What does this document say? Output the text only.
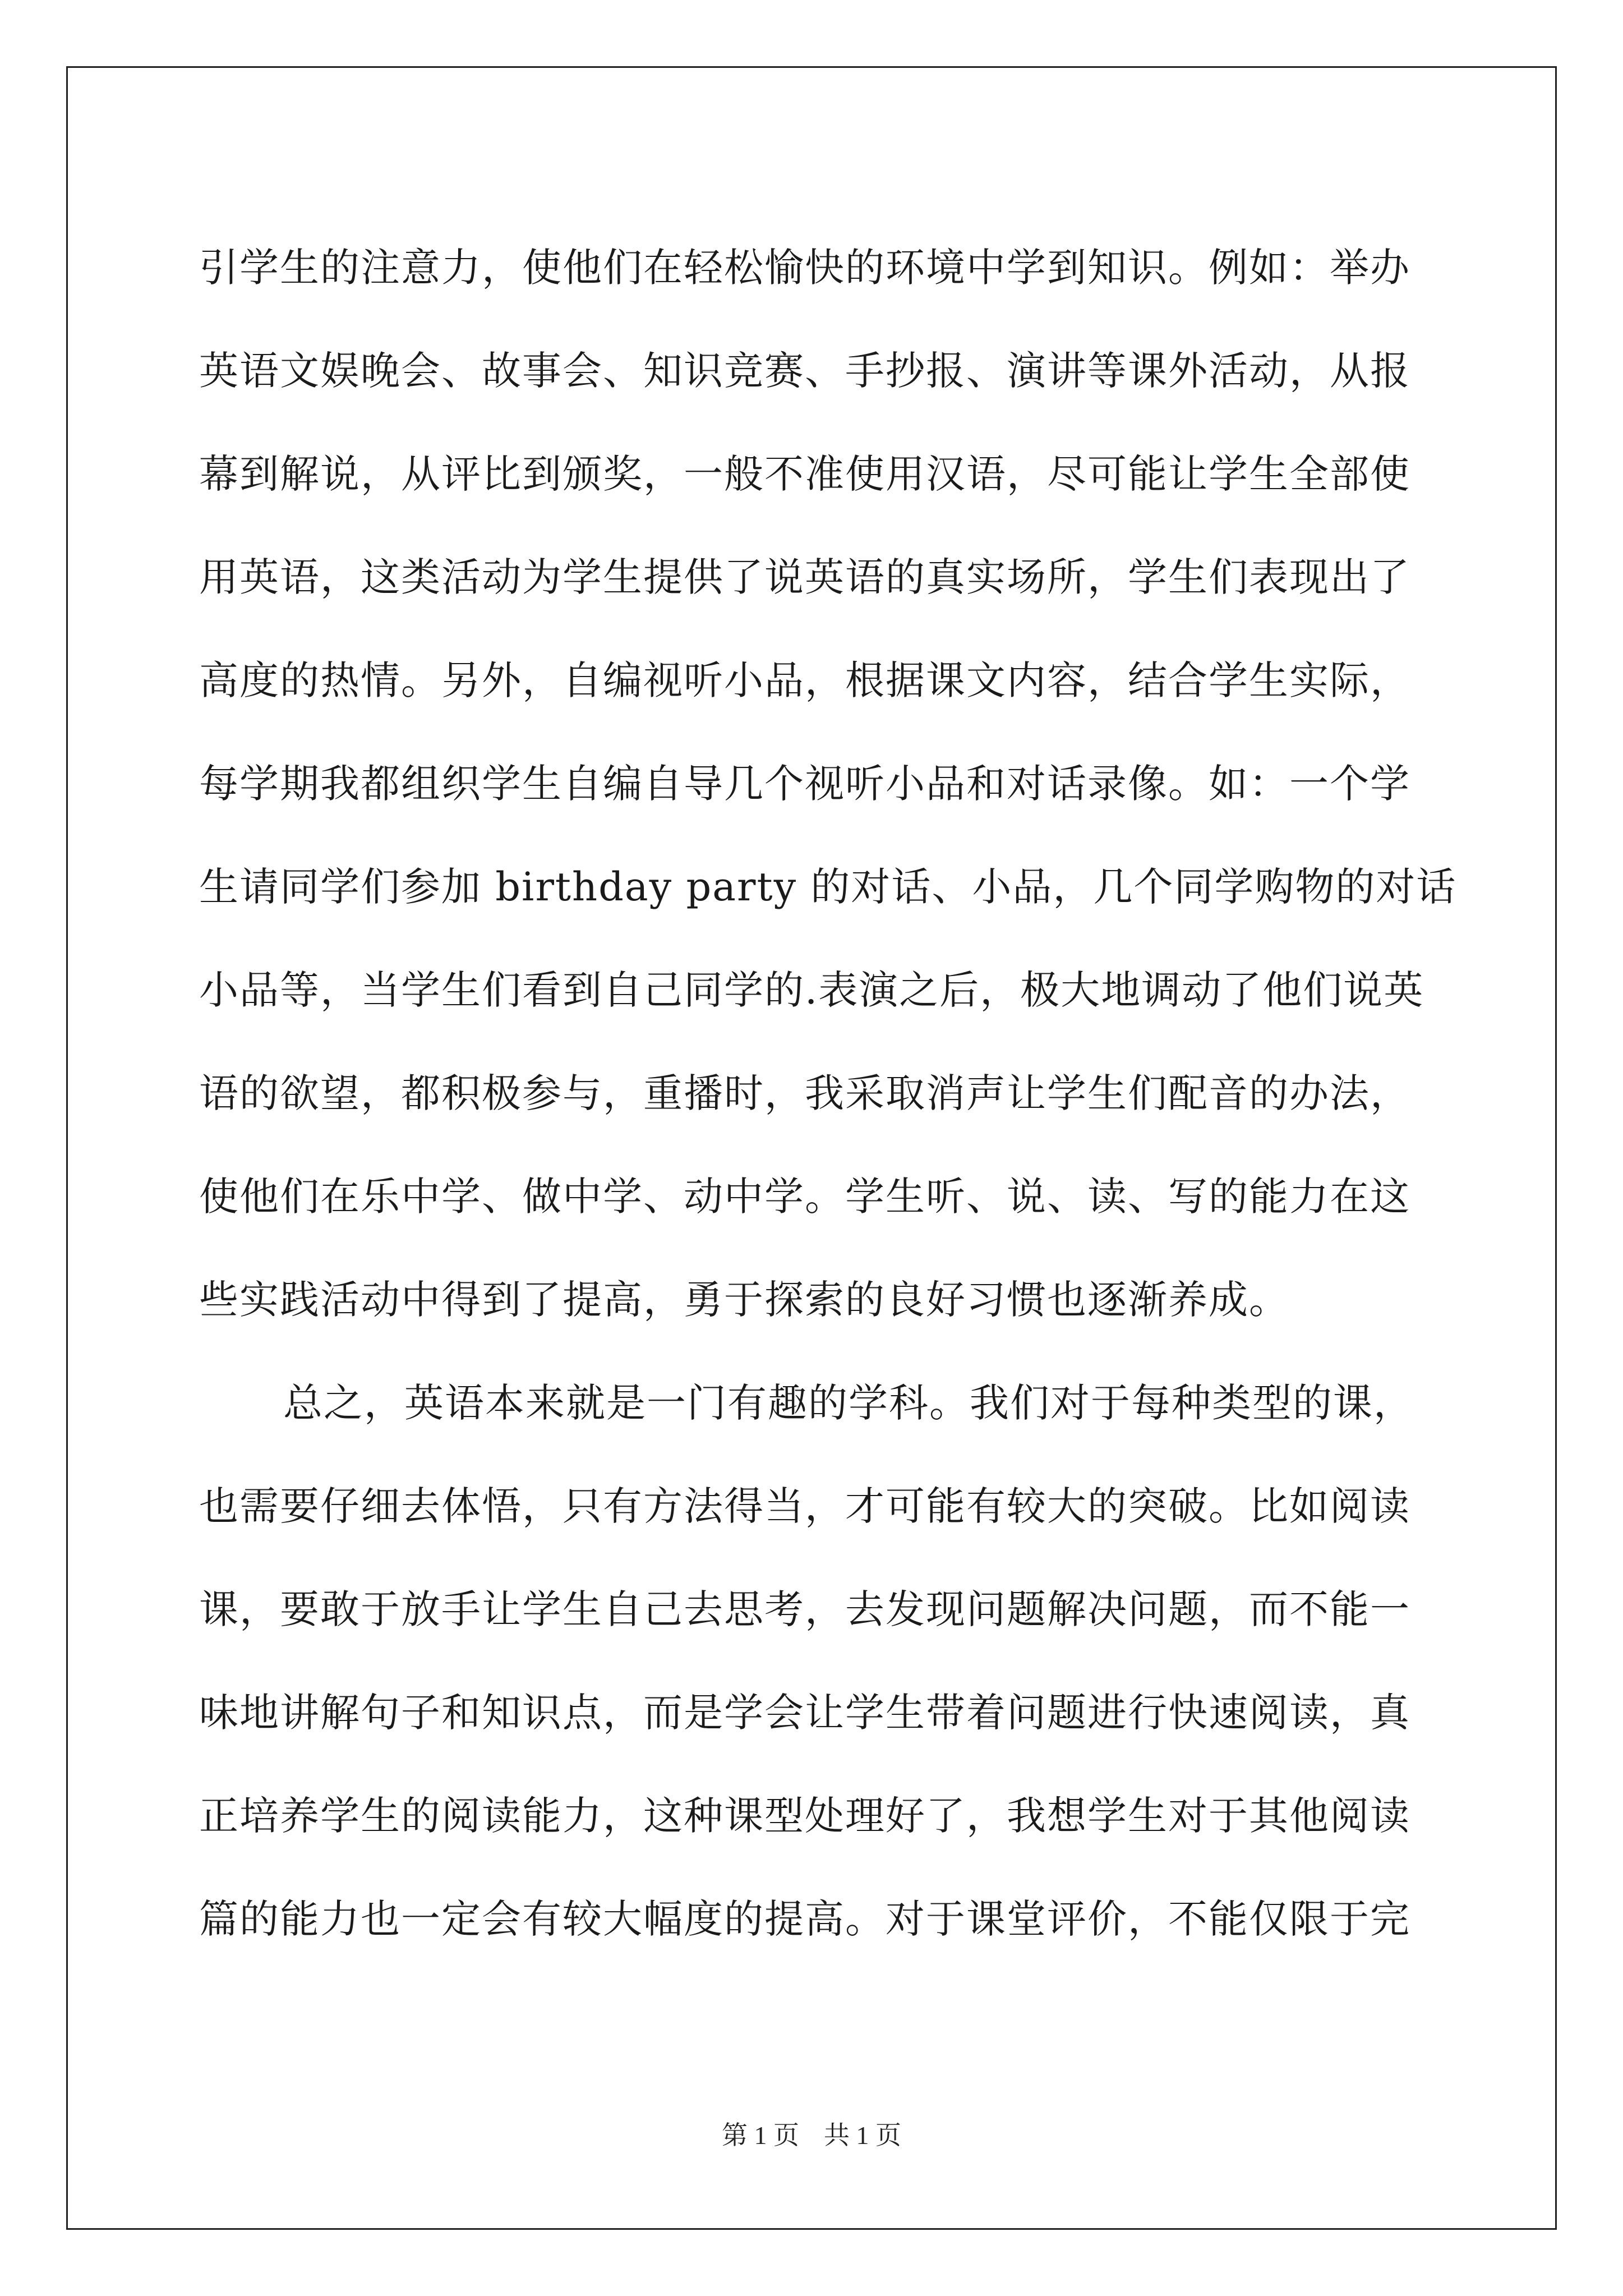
引学生的注意力，使他们在轻松愉快的环境中学到知识。例如：举办
英语文娱晚会、故事会、知识竞赛、手抄报、演讲等课外活动，从报
幕到解说，从评比到颁奖，一般不准使用汉语，尽可能让学生全部使
用英语，这类活动为学生提供了说英语的真实场所，学生们表现出了
高度的热情。另外，自编视听小品，根据课文内容，结合学生实际，
每学期我都组织学生自编自导几个视听小品和对话录像。如：一个学
生请同学们参加 birthday party 的对话、小品，几个同学购物的对话
小品等，当学生们看到自己同学的.表演之后，极大地调动了他们说英
语的欲望，都积极参与，重播时，我采取消声让学生们配音的办法，
使他们在乐中学、做中学、动中学。学生听、说、读、写的能力在这
些实践活动中得到了提高，勇于探索的良好习惯也逐渐养成。
总之，英语本来就是一门有趣的学科。我们对于每种类型的课，
也需要仔细去体悟，只有方法得当，才可能有较大的突破。比如阅读
课，要敢于放手让学生自己去思考，去发现问题解决问题，而不能一
味地讲解句子和知识点，而是学会让学生带着问题进行快速阅读，真
正培养学生的阅读能力，这种课型处理好了，我想学生对于其他阅读
篇的能力也一定会有较大幅度的提高。对于课堂评价，不能仅限于完
第 1 页 共 1 页
